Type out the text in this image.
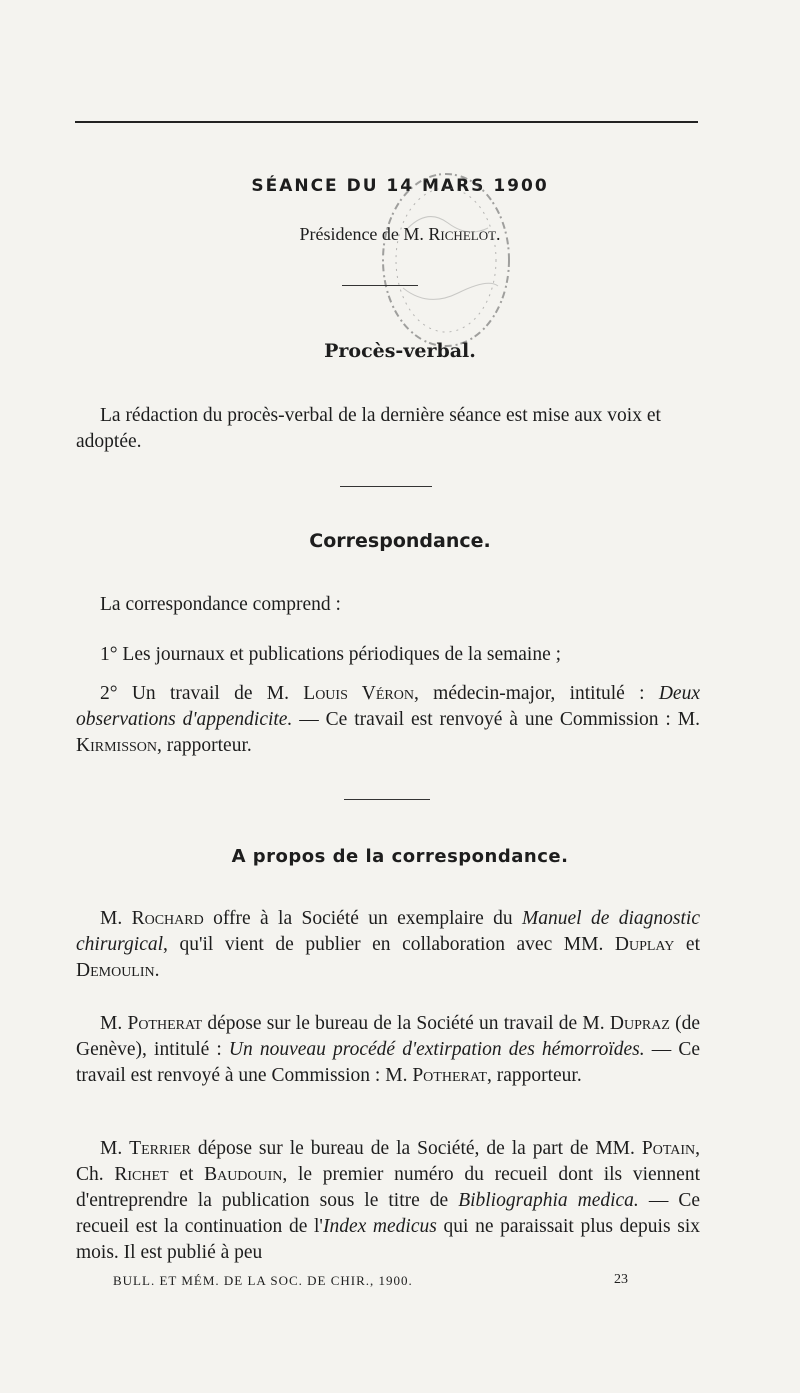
SÉANCE DU 14 MARS 1900
Présidence de M. Richelot.
Procès-verbal.

La rédaction du procès-verbal de la dernière séance est mise aux voix et adoptée.

Correspondance.

La correspondance comprend :

1° Les journaux et publications périodiques de la semaine ;

2° Un travail de M. Louis Véron, médecin-major, intitulé : Deux observations d'appendicite. — Ce travail est renvoyé à une Commission : M. Kirmisson, rapporteur.

A propos de la correspondance.

M. Rochard offre à la Société un exemplaire du Manuel de diagnostic chirurgical, qu'il vient de publier en collaboration avec MM. Duplay et Demoulin.

M. Potherat dépose sur le bureau de la Société un travail de M. Dupraz (de Genève), intitulé : Un nouveau procédé d'extirpation des hémorroïdes. — Ce travail est renvoyé à une Commission : M. Potherat, rapporteur.

M. Terrier dépose sur le bureau de la Société, de la part de MM. Potain, Ch. Richet et Baudouin, le premier numéro du recueil dont ils viennent d'entreprendre la publication sous le titre de Bibliographia medica. — Ce recueil est la continuation de l'Index medicus qui ne paraissait plus depuis six mois. Il est publié à peu

BULL. ET MÉM. DE LA SOC. DE CHIR., 1900.	23
